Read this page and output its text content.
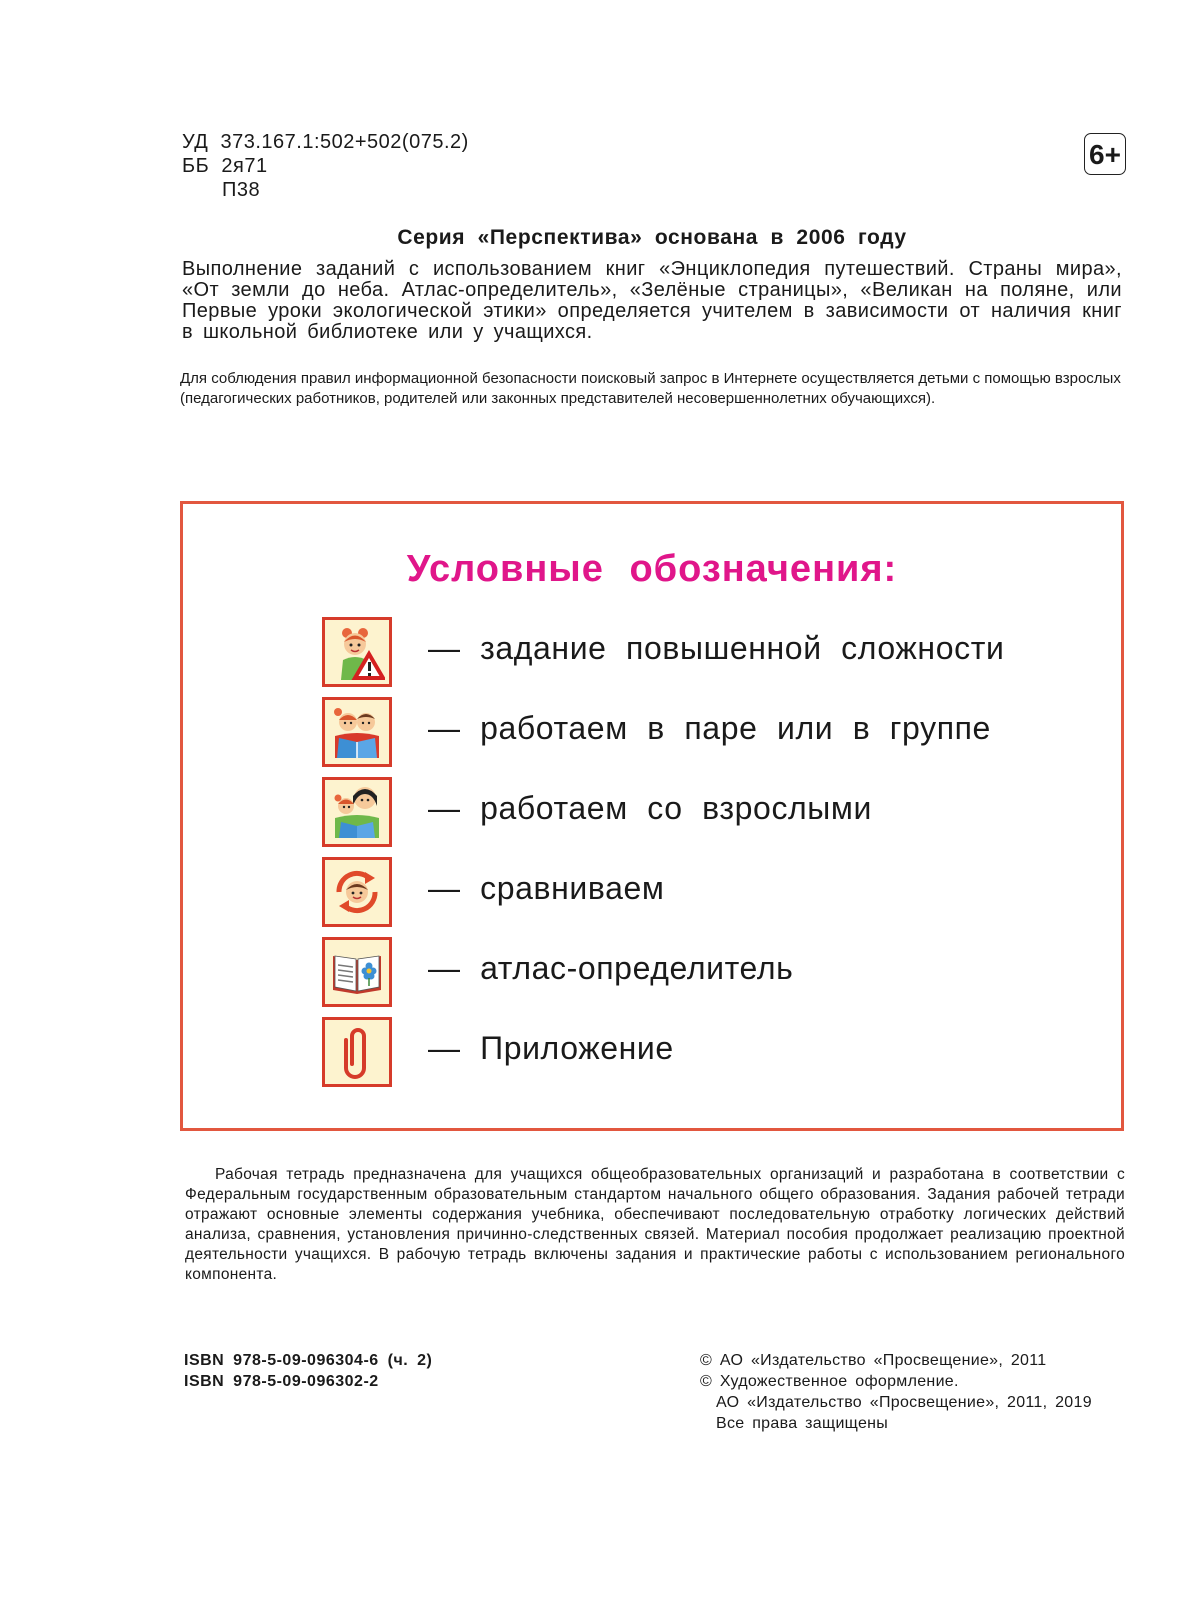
УД  373.167.1:502+502(075.2)
ББ  2я71
П38
6+
Серия «Перспектива» основана в 2006 году

Выполнение заданий с использованием книг «Энциклопедия путешествий. Страны мира», «От земли до неба. Атлас-определитель», «Зелёные страницы», «Великан на поляне, или Первые уроки экологической этики» определяется учителем в зависимости от наличия книг в школьной библиотеке или у учащихся.

Для соблюдения правил информационной безопасности поисковый запрос в Интернете осуществляется детьми с помощью взрослых (педагогических работников, родителей или законных представителей несовершеннолетних обучающихся).

Условные обозначения:
— задание повышенной сложности
— работаем в паре или в группе
— работаем со взрослыми
— сравниваем
— атлас-определитель
— Приложение

Рабочая тетрадь предназначена для учащихся общеобразовательных организаций и разработана в соответствии с Федеральным государственным образовательным стандартом начального общего образования. Задания рабочей тетради отражают основные элементы содержания учебника, обеспечивают последовательную отработку логических действий анализа, сравнения, установления причинно-следственных связей. Материал пособия продолжает реализацию проектной деятельности учащихся. В рабочую тетрадь включены задания и практические работы с использованием регионального компонента.

ISBN 978-5-09-096304-6 (ч. 2)
ISBN 978-5-09-096302-2
© АО «Издательство «Просвещение», 2011
© Художественное оформление.
АО «Издательство «Просвещение», 2011, 2019
Все права защищены
